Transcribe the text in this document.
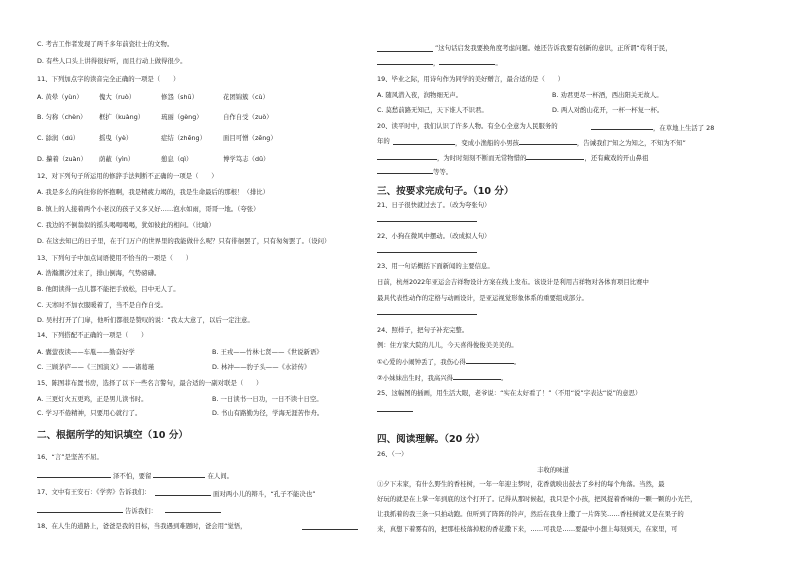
C. 考古工作者发现了两千多年前瓷壮士的文物。
D. 有些人口头上讲得很好听，而且行动上做得很少。
11、下列加点字的读音完全正确的一项是（　　）
12、对下列句子所运用的修辞手法判断不正确的一项是（　　）
A. 我是多么的向往你的怀抱啊，我是精疲力竭的，我是生命最后的那根！（排比）
B. 镇上的人接着两个小老汉的孩子又多又好……泡水如雨，哥哥一地。（夸张）
C. 我边的不倒翁似的摇头喝喝喝喝，犹如彼此的相问。（比喻）
D. 在这去知已的日子里，在于门万户的世界里的我能做什么呢？只有徘徊罢了，只有匆匆罢了。（设问）
13、下列句子中加点词语使用不恰当的一项是（　　）
A. 浩瀚潮汐过来了，排山倒海，气势磅礴。
B. 他朗读得一点儿都不能把手放松，目中无人了。
C. 天寒时不加衣服暖着了，当不是自作自受。
D. 吴村打开了门扉，他听们都很是赞叹的说：“我太大意了，以后一定注意。
14、下列搭配不正确的一项是（　　）
15、陈图菲布置书房，选择了以下一些名言警句，最合适的一副对联是（　　）
16、“言”是坚苦不屈。
17、文中有王安石：《学弈》告诉我们：
18、在人生的道路上，爸爸是我的目标，当我遇到难题时，爸会用“觉悟，
A. 黄晕（yùn）	傀大（ruò）	修怨（shū）	花团锦簇（cù）
B. 匀称（chèn） 框扩（kuàng）	琉丽（gèng）	自作自受（zuò）
C. 舔润（dú）	摇曳（yè）	症结（zhēng）	面目可憎（zēng）
D. 攥着（zuàn） 荫蔽（yìn）	憩息（qì）	博学笃志（dǔ）
A. 囊萤夜读——车胤——勤奋好学	B. 王戎——竹林七贤——《世说新语》
C. 三顾茅庐——《三国演义》——诸葛瑾	D. 林冲——豹子头——《水浒传》
A. 三更灯火五更鸡，正是男儿读书时。	B. 一日读书一日功，一日不读十日空。
C. 学习不倦精神，只要用心就行了。	D. 书山有路勤为径，学海无涯苦作舟。
二、根据所学的知识填空（10 分）
泽不怕，要留	在人间。
面对两小儿的辩斗，“孔子不能决也”
告诉我们：
”这句话启发我要换角度考虑问题。她还告诉我要有创新的意识，正所谓“苟利于民，
19、毕业之际，用诗句作为同学的美好赠言，最合适的是（　　）
A. 随风潜入夜，润物细无声。
C. 莫愁前路无知己，天下谁人不识君。
20、读平时中，我们认识了许多人物。有全心全意为人民服务的
年的
三、按要求完成句子。（10 分）
21、日子很快就过去了。（改为夸张句）
22、小狗在微风中摆动。（改成拟人句）
23、用一句话概括下面新闻的主要信息。
日前，杭州2022年亚运会吉祥物设计方案在线上发布。该设计是利用吉祥物对各体育项目比赛中
最具代表性动作的定格与动画设计，是亚运视觉形象体系的重要组成部分。
24、照样子，把句子补充完整。
例：住方家大院的儿儿，今天喜得俊俊美美美的。
25、这幅图的插画，用生活大眼，老爷说：“实在太好看了！”（不用“说”字表达“说”的意思）
四、阅读理解。（20 分）
26、（一）
B. 劝君更尽一杯酒，西出阳关无故人。
D. 两人对酌山花开，一杯一杯复一杯。
，	。
，在草地上生活了 28
，变成小渔船的小男孩	，告诫我们“知之为知之，不知为不知”
，为时时刻刻不断而无常物惜的	，还有藏戏的开山鼻祖
等等。
①心爱的小闹钟丢了，我伤心得	。
②小妹妹出生时，我高兴得	。
丰收的味道
①夕下末家，有什么野生的香桂树，一年一年迎主梦时，花香就映出鼓去了乡村的每个角落。当然，最
好玩的就是在上掌一年到底的这个打开了。记得从那时候起，我只是个小孩，把风捉着香味的一颗一颗的小光芒，
让我抓着的我三条一只拍动跑。但听到了阵阵的铃声，然后在我身上撒了一片阵笑……香桂树就又是在果子的
来，真想下着雾有的，把那桂枝落掉般的香花撒下来，……可我是……要最中小想上每刻到天，在家里，可
